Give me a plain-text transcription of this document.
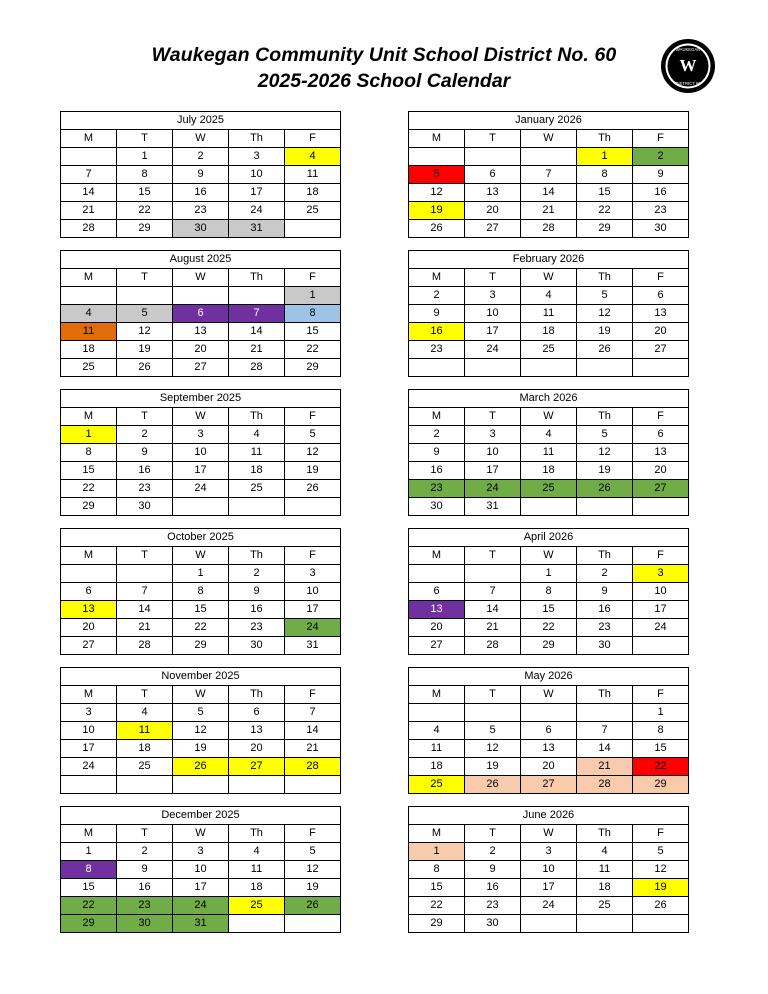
Waukegan Community Unit School District No. 60
2025-2026 School Calendar
W
WAUKEGAN
DISTRICT 60
July 2025				
M	T	W	Th	F
	1	2	3	4
7	8	9	10	11
14	15	16	17	18
21	22	23	24	25
28	29	30	31	
August 2025				
M	T	W	Th	F
				1
4	5	6	7	8
11	12	13	14	15
18	19	20	21	22
25	26	27	28	29
September 2025				
M	T	W	Th	F
1	2	3	4	5
8	9	10	11	12
15	16	17	18	19
22	23	24	25	26
29	30			
October 2025				
M	T	W	Th	F
		1	2	3
6	7	8	9	10
13	14	15	16	17
20	21	22	23	24
27	28	29	30	31
November 2025				
M	T	W	Th	F
3	4	5	6	7
10	11	12	13	14
17	18	19	20	21
24	25	26	27	28

December 2025				
M	T	W	Th	F
1	2	3	4	5
8	9	10	11	12
15	16	17	18	19
22	23	24	25	26
29	30	31		
January 2026				
M	T	W	Th	F
			1	2
5	6	7	8	9
12	13	14	15	16
19	20	21	22	23
26	27	28	29	30
February 2026				
M	T	W	Th	F
2	3	4	5	6
9	10	11	12	13
16	17	18	19	20
23	24	25	26	27

March 2026				
M	T	W	Th	F
2	3	4	5	6
9	10	11	12	13
16	17	18	19	20
23	24	25	26	27
30	31			
April 2026				
M	T	W	Th	F
		1	2	3
6	7	8	9	10
13	14	15	16	17
20	21	22	23	24
27	28	29	30	
May 2026				
M	T	W	Th	F
				1
4	5	6	7	8
11	12	13	14	15
18	19	20	21	22
25	26	27	28	29
June 2026				
M	T	W	Th	F
1	2	3	4	5
8	9	10	11	12
15	16	17	18	19
22	23	24	25	26
29	30			
